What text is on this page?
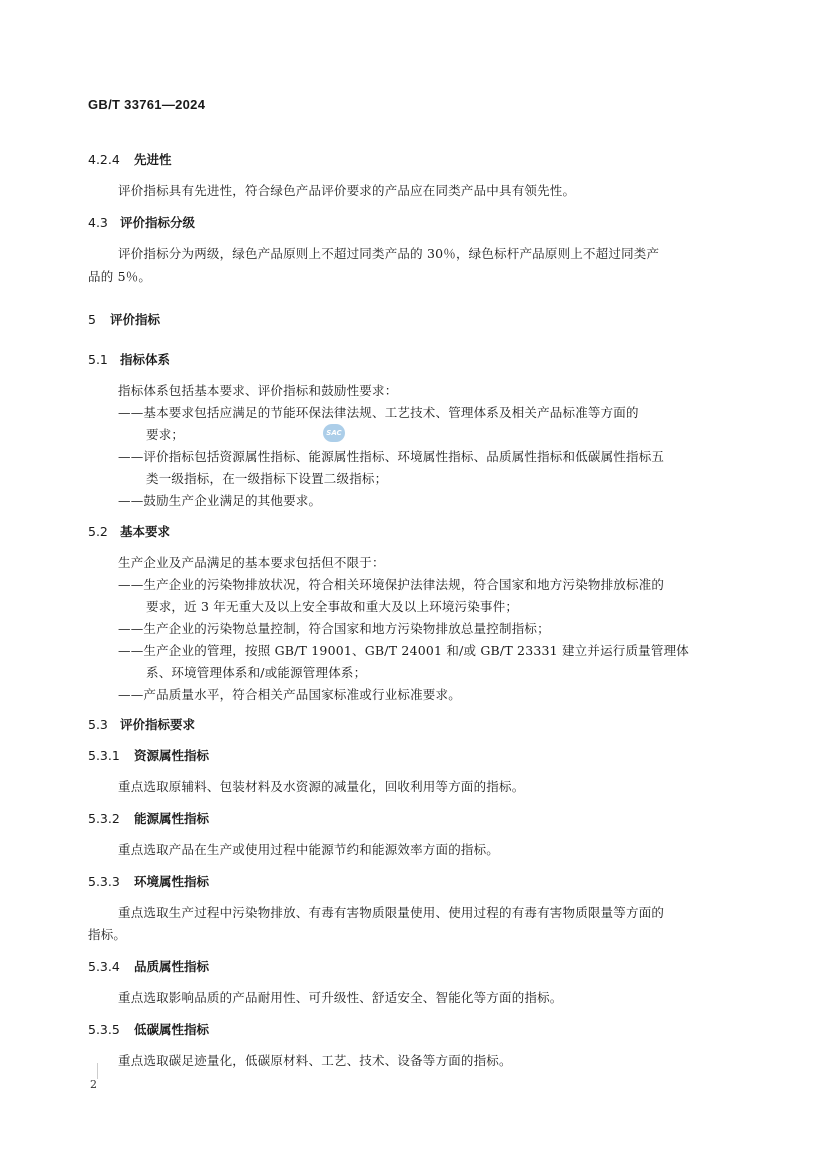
GB/T 33761—2024
4.2.4 先进性
评价指标具有先进性，符合绿色产品评价要求的产品应在同类产品中具有领先性。
4.3 评价指标分级
评价指标分为两级，绿色产品原则上不超过同类产品的 30％，绿色标杆产品原则上不超过同类产
品的 5％。
5 评价指标
5.1 指标体系
指标体系包括基本要求、评价指标和鼓励性要求：
——基本要求包括应满足的节能环保法律法规、工艺技术、管理体系及相关产品标准等方面的
要求；
——评价指标包括资源属性指标、能源属性指标、环境属性指标、品质属性指标和低碳属性指标五
类一级指标，在一级指标下设置二级指标；
——鼓励生产企业满足的其他要求。
5.2 基本要求
生产企业及产品满足的基本要求包括但不限于：
——生产企业的污染物排放状况，符合相关环境保护法律法规，符合国家和地方污染物排放标准的
要求，近 3 年无重大及以上安全事故和重大及以上环境污染事件；
——生产企业的污染物总量控制，符合国家和地方污染物排放总量控制指标；
——生产企业的管理，按照 GB/T 19001、GB/T 24001 和/或 GB/T 23331 建立并运行质量管理体
系、环境管理体系和/或能源管理体系；
——产品质量水平，符合相关产品国家标准或行业标准要求。
5.3 评价指标要求
5.3.1 资源属性指标
重点选取原辅料、包装材料及水资源的减量化，回收利用等方面的指标。
5.3.2 能源属性指标
重点选取产品在生产或使用过程中能源节约和能源效率方面的指标。
5.3.3 环境属性指标
重点选取生产过程中污染物排放、有毒有害物质限量使用、使用过程的有毒有害物质限量等方面的
指标。
5.3.4 品质属性指标
重点选取影响品质的产品耐用性、可升级性、舒适安全、智能化等方面的指标。
5.3.5 低碳属性指标
重点选取碳足迹量化，低碳原材料、工艺、技术、设备等方面的指标。
SAC
2
